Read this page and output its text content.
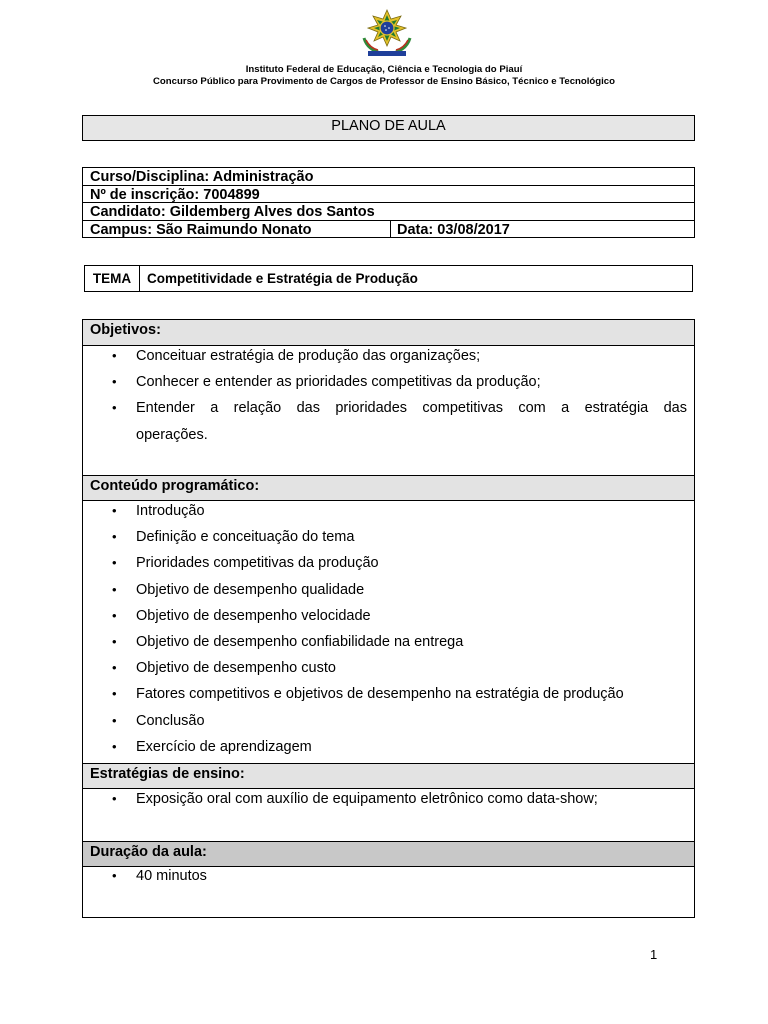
Instituto Federal de Educação, Ciência e Tecnologia do Piauí
Concurso Público para Provimento de Cargos de Professor de Ensino Básico, Técnico e Tecnológico
PLANO DE AULA
Curso/Disciplina: Administração
Nº de inscrição: 7004899
Candidato: Gildemberg Alves dos Santos
Campus: São Raimundo Nonato	Data: 03/08/2017
TEMA	Competitividade e Estratégia de Produção
Objetivos:
• Conceituar estratégia de produção das organizações;
• Conhecer e entender as prioridades competitivas da produção;
• Entender a relação das prioridades competitivas com a estratégia das
operações.
Conteúdo programático:
• Introdução
• Definição e conceituação do tema
• Prioridades competitivas da produção
• Objetivo de desempenho qualidade
• Objetivo de desempenho velocidade
• Objetivo de desempenho confiabilidade na entrega
• Objetivo de desempenho custo
• Fatores competitivos e objetivos de desempenho na estratégia de produção
• Conclusão
• Exercício de aprendizagem
Estratégias de ensino:
• Exposição oral com auxílio de equipamento eletrônico como data-show;
Duração da aula:
• 40 minutos
1
